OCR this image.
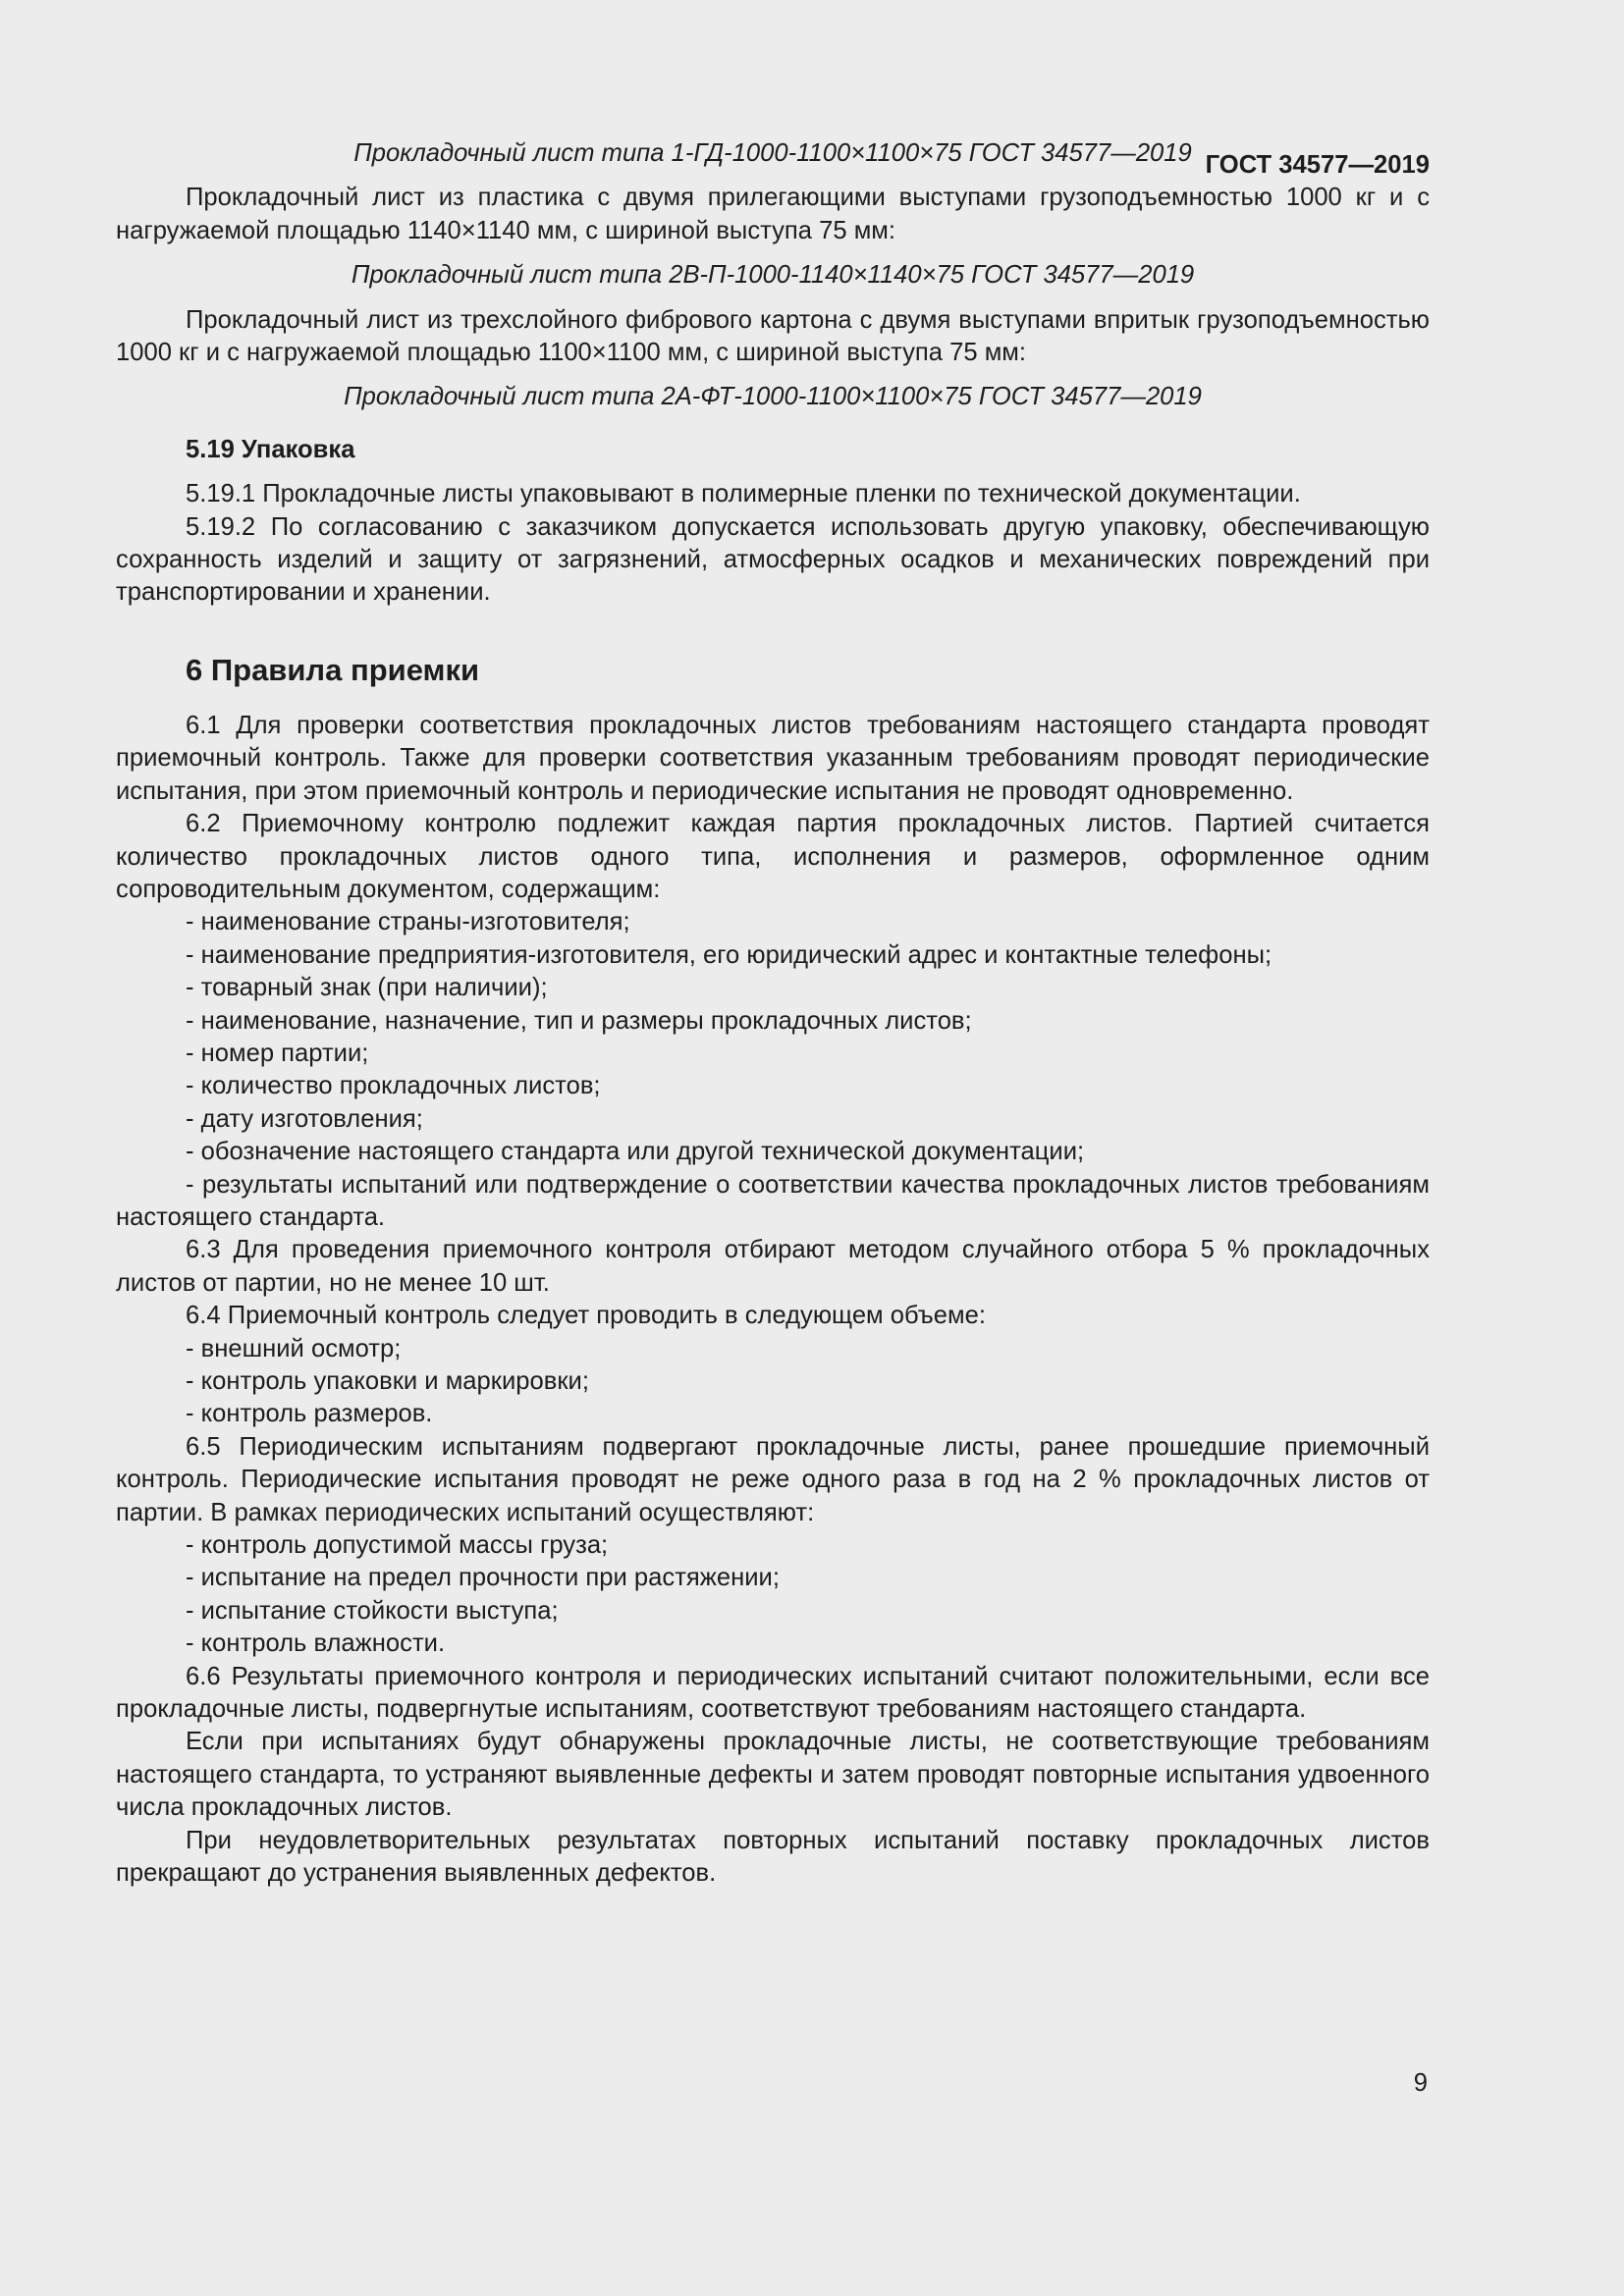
ГОСТ 34577—2019
Прокладочный лист типа 1-ГД-1000-1100×1100×75 ГОСТ 34577—2019
Прокладочный лист из пластика с двумя прилегающими выступами грузоподъемностью 1000 кг и с нагружаемой площадью 1140×1140 мм, с шириной выступа 75 мм:
Прокладочный лист типа 2В-П-1000-1140×1140×75 ГОСТ 34577—2019
Прокладочный лист из трехслойного фибрового картона с двумя выступами впритык грузоподъемностью 1000 кг и с нагружаемой площадью 1100×1100 мм, с шириной выступа 75 мм:
Прокладочный лист типа 2А-ФТ-1000-1100×1100×75 ГОСТ 34577—2019
5.19 Упаковка
5.19.1 Прокладочные листы упаковывают в полимерные пленки по технической документации.
5.19.2 По согласованию с заказчиком допускается использовать другую упаковку, обеспечивающую сохранность изделий и защиту от загрязнений, атмосферных осадков и механических повреждений при транспортировании и хранении.
6 Правила приемки
6.1 Для проверки соответствия прокладочных листов требованиям настоящего стандарта проводят приемочный контроль. Также для проверки соответствия указанным требованиям проводят периодические испытания, при этом приемочный контроль и периодические испытания не проводят одновременно.
6.2 Приемочному контролю подлежит каждая партия прокладочных листов. Партией считается количество прокладочных листов одного типа, исполнения и размеров, оформленное одним сопроводительным документом, содержащим:
- наименование страны-изготовителя;
- наименование предприятия-изготовителя, его юридический адрес и контактные телефоны;
- товарный знак (при наличии);
- наименование, назначение, тип и размеры прокладочных листов;
- номер партии;
- количество прокладочных листов;
- дату изготовления;
- обозначение настоящего стандарта или другой технической документации;
- результаты испытаний или подтверждение о соответствии качества прокладочных листов требованиям настоящего стандарта.
6.3 Для проведения приемочного контроля отбирают методом случайного отбора 5 % прокладочных листов от партии, но не менее 10 шт.
6.4 Приемочный контроль следует проводить в следующем объеме:
- внешний осмотр;
- контроль упаковки и маркировки;
- контроль размеров.
6.5 Периодическим испытаниям подвергают прокладочные листы, ранее прошедшие приемочный контроль. Периодические испытания проводят не реже одного раза в год на 2 % прокладочных листов от партии. В рамках периодических испытаний осуществляют:
- контроль допустимой массы груза;
- испытание на предел прочности при растяжении;
- испытание стойкости выступа;
- контроль влажности.
6.6 Результаты приемочного контроля и периодических испытаний считают положительными, если все прокладочные листы, подвергнутые испытаниям, соответствуют требованиям настоящего стандарта.
Если при испытаниях будут обнаружены прокладочные листы, не соответствующие требованиям настоящего стандарта, то устраняют выявленные дефекты и затем проводят повторные испытания удвоенного числа прокладочных листов.
При неудовлетворительных результатах повторных испытаний поставку прокладочных листов прекращают до устранения выявленных дефектов.
9
